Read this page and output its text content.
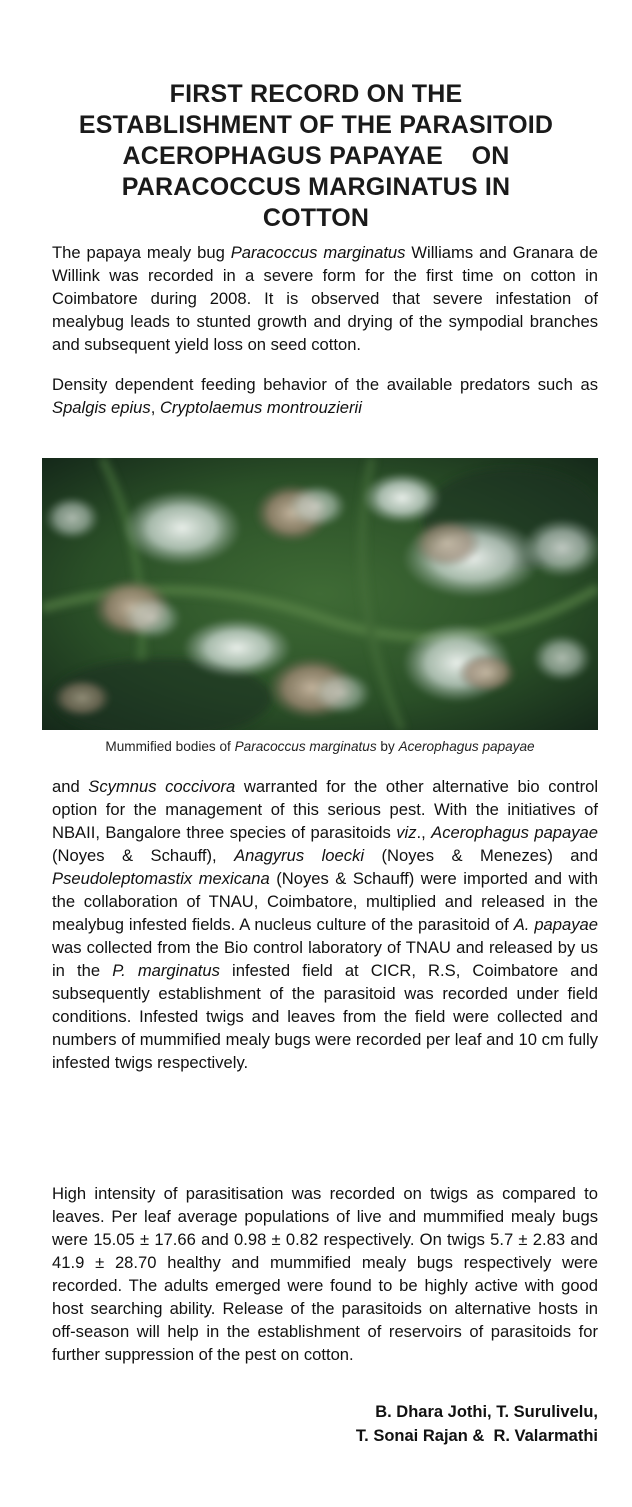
FIRST RECORD ON THE
ESTABLISHMENT OF THE PARASITOID
ACEROPHAGUS PAPAYAE    ON
PARACOCCUS MARGINATUS IN
COTTON

The papaya mealy bug Paracoccus marginatus Williams and Granara de Willink was recorded in a severe form for the first time on cotton in Coimbatore during 2008. It is observed that severe infestation of mealybug leads to stunted growth and drying of the sympodial branches and subsequent yield loss on seed cotton.

Density dependent feeding behavior of the available predators such as  Spalgis epius, Cryptolaemus montrouzierii

Mummified bodies of Paracoccus marginatus by Acerophagus papayae

and Scymnus coccivora warranted for the other alternative bio control option for the management of this serious pest. With the initiatives of NBAII, Bangalore three species of parasitoids viz., Acerophagus papayae (Noyes & Schauff), Anagyrus loecki (Noyes & Menezes) and  Pseudoleptomastix mexicana (Noyes & Schauff) were imported and with the collaboration of TNAU, Coimbatore, multiplied and released in the mealybug infested fields. A nucleus culture of the parasitoid of A. papayae was collected from the Bio control laboratory of TNAU and released by us in the P. marginatus infested field at CICR, R.S, Coimbatore and subsequently establishment of the parasitoid was recorded under field conditions. Infested twigs and leaves from the field were collected and numbers of mummified mealy bugs were recorded per leaf and 10 cm fully infested twigs respectively.

High intensity of parasitisation was recorded on twigs as compared to leaves. Per leaf average populations of live and mummified mealy bugs were 15.05 ± 17.66 and 0.98 ± 0.82 respectively. On twigs 5.7 ± 2.83 and 41.9 ± 28.70 healthy and mummified mealy bugs respectively were recorded. The adults emerged were found to be highly active with good host searching ability. Release of the parasitoids on alternative hosts in off-season will help in the establishment of reservoirs of parasitoids for further suppression of the pest on cotton.

B. Dhara Jothi, T. Surulivelu,
T. Sonai Rajan &  R. Valarmathi
